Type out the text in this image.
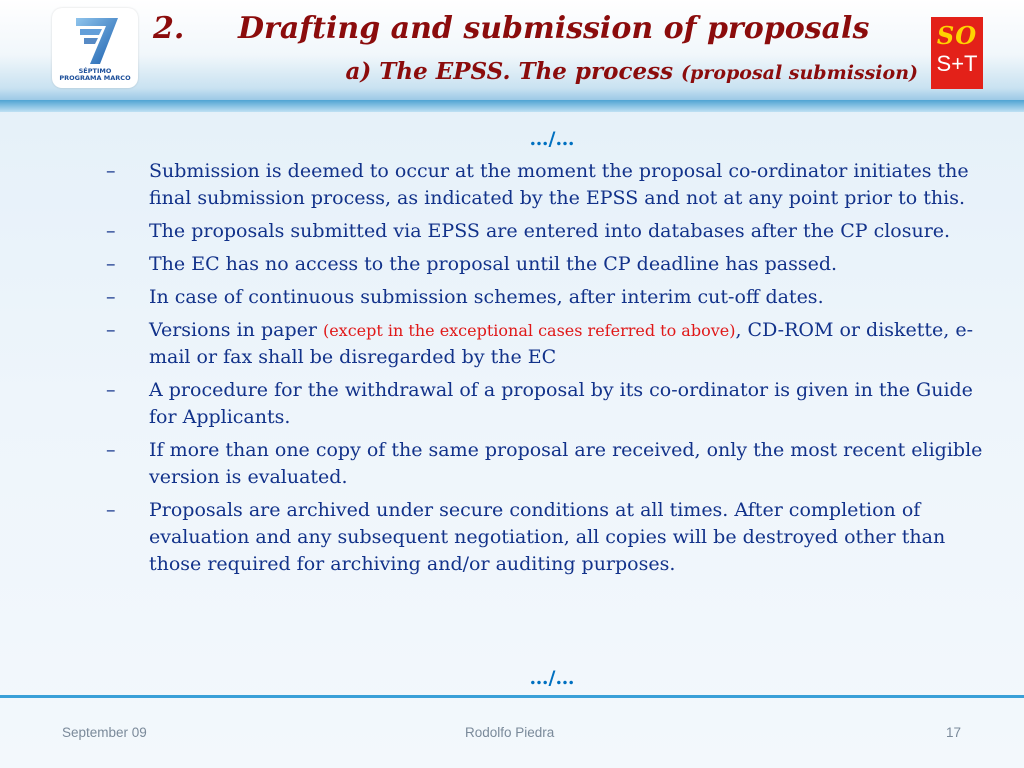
SÉPTIMO
PROGRAMA MARCO
2. Drafting and submission of proposals
a) The EPSS. The process (proposal submission)
SO
S+T
…/…
–	Submission is deemed to occur at the moment the proposal co-ordinator initiates the final submission process, as indicated by the EPSS and not at any point prior to this.
–	The proposals submitted via EPSS are entered into databases after the CP closure.
–	The EC has no access to the proposal until the CP deadline has passed.
–	In case of continuous submission schemes, after interim cut-off dates.
–	Versions in paper (except in the exceptional cases referred to above), CD-ROM or diskette, e-mail or fax shall be disregarded by the EC
–	A procedure for the withdrawal of a proposal by its co-ordinator is given in the Guide for Applicants.
–	If more than one copy of the same proposal are received, only the most recent eligible version is evaluated.
–	Proposals are archived under secure conditions at all times. After completion of evaluation and any subsequent negotiation, all copies will be destroyed other than those required for archiving and/or auditing purposes.
…/…
September 09	Rodolfo Piedra	17
